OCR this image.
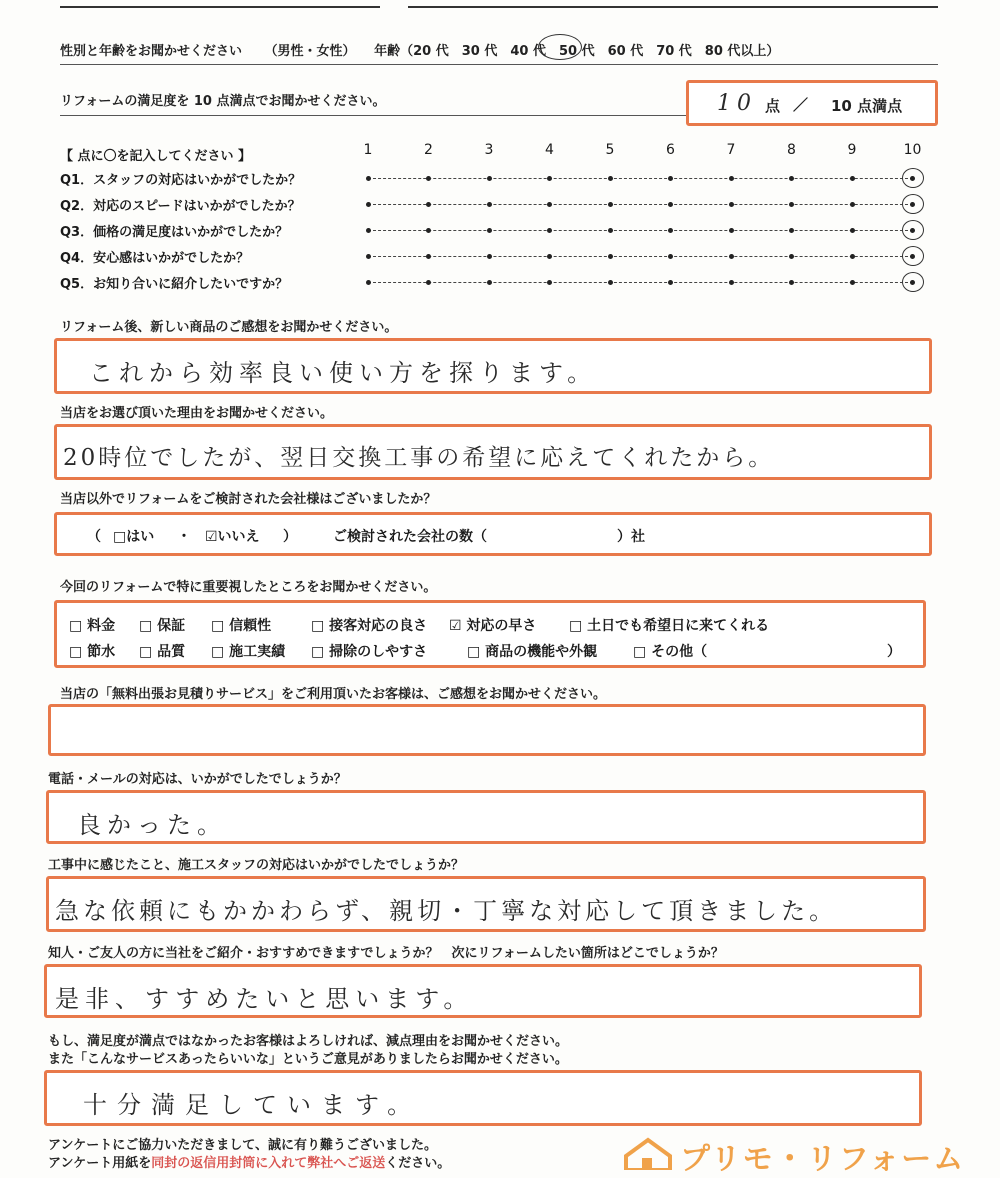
性別と年齢をお聞かせください （男性・女性） 年齢（20 代　30 代　40 代　50 代　60 代　70 代　80 代以上）
リフォームの満足度を 10 点満点でお聞かせください。	10 点 ／ 10 点満点
【 点に〇を記入してください 】	1	2	3	4	5	6	7	8	9	10
Q1．スタッフの対応はいかがでしたか？
Q2．対応のスピードはいかがでしたか？
Q3．価格の満足度はいかがでしたか？
Q4．安心感はいかがでしたか？
Q5．お知り合いに紹介したいですか？
リフォーム後、新しい商品のご感想をお聞かせください。
これから効率良い使い方を探ります。
当店をお選び頂いた理由をお聞かせください。
20時位でしたが、翌日交換工事の希望に応えてくれたから。
当店以外でリフォームをご検討された会社様はございましたか？
（ □はい ・ ☑いいえ ）	ご検討された会社の数（	）社
今回のリフォームで特に重要視したところをお聞かせください。
□ 料金 □ 保証 □ 信頼性	□ 接客対応の良さ ☑ 対応の早さ □ 土日でも希望日に来てくれる
□ 節水 □ 品質 □ 施工実績 □ 掃除のしやすさ	□ 商品の機能や外観	□ その他（	）
当店の「無料出張お見積りサービス」をご利用頂いたお客様は、ご感想をお聞かせください。
電話・メールの対応は、いかがでしたでしょうか？
良かった。
工事中に感じたこと、施工スタッフの対応はいかがでしたでしょうか？
急な依頼にもかかわらず、親切・丁寧な対応して頂きました。
知人・ご友人の方に当社をご紹介・おすすめできますでしょうか？　次にリフォームしたい箇所はどこでしょうか？
是非、すすめたいと思います。
もし、満足度が満点ではなかったお客様はよろしければ、減点理由をお聞かせください。
また「こんなサービスあったらいいな」というご意見がありましたらお聞かせください。
十分満足しています。
アンケートにご協力いただきまして、誠に有り難うございました。
アンケート用紙を同封の返信用封筒に入れて弊社へご返送ください。	プリモ・リフォーム
